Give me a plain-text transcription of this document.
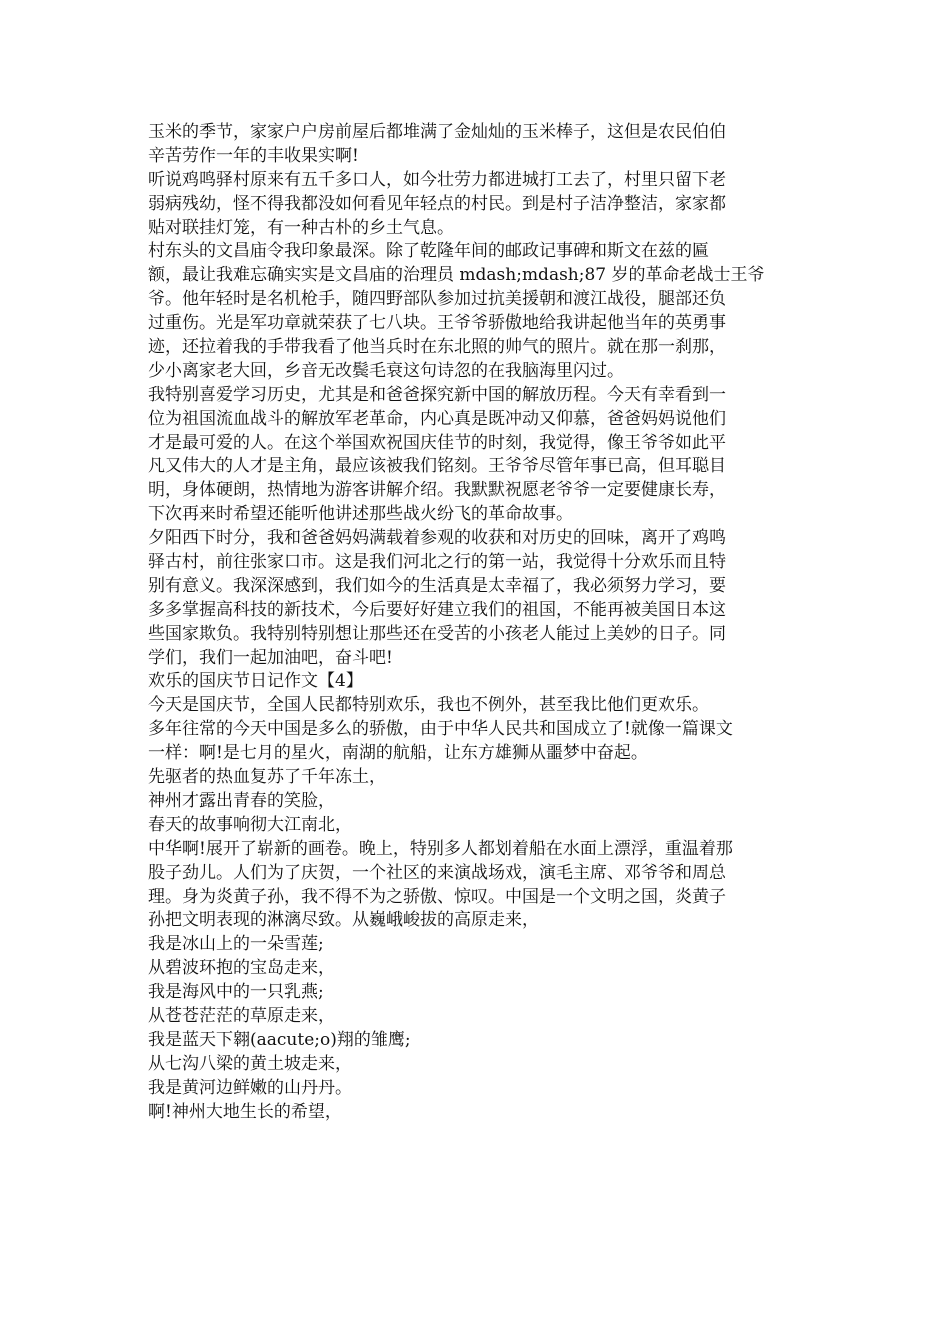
玉米的季节，家家户户房前屋后都堆满了金灿灿的玉米棒子，这但是农民伯伯
辛苦劳作一年的丰收果实啊!
听说鸡鸣驿村原来有五千多口人，如今壮劳力都进城打工去了，村里只留下老
弱病残幼，怪不得我都没如何看见年轻点的村民。到是村子洁净整洁，家家都
贴对联挂灯笼，有一种古朴的乡土气息。
村东头的文昌庙令我印象最深。除了乾隆年间的邮政记事碑和斯文在兹的匾
额，最让我难忘确实实是文昌庙的治理员 mdash;mdash;87 岁的革命老战士王爷
爷。他年轻时是名机枪手，随四野部队参加过抗美援朝和渡江战役，腿部还负
过重伤。光是军功章就荣获了七八块。王爷爷骄傲地给我讲起他当年的英勇事
迹，还拉着我的手带我看了他当兵时在东北照的帅气的照片。就在那一刹那，
少小离家老大回，乡音无改鬓毛衰这句诗忽的在我脑海里闪过。
我特别喜爱学习历史，尤其是和爸爸探究新中国的解放历程。今天有幸看到一
位为祖国流血战斗的解放军老革命，内心真是既冲动又仰慕，爸爸妈妈说他们
才是最可爱的人。在这个举国欢祝国庆佳节的时刻，我觉得，像王爷爷如此平
凡又伟大的人才是主角，最应该被我们铭刻。王爷爷尽管年事已高，但耳聪目
明，身体硬朗，热情地为游客讲解介绍。我默默祝愿老爷爷一定要健康长寿，
下次再来时希望还能听他讲述那些战火纷飞的革命故事。
夕阳西下时分，我和爸爸妈妈满载着参观的收获和对历史的回味，离开了鸡鸣
驿古村，前往张家口市。这是我们河北之行的第一站，我觉得十分欢乐而且特
别有意义。我深深感到，我们如今的生活真是太幸福了，我必须努力学习，要
多多掌握高科技的新技术，今后要好好建立我们的祖国，不能再被美国日本这
些国家欺负。我特别特别想让那些还在受苦的小孩老人能过上美妙的日子。同
学们，我们一起加油吧，奋斗吧!
欢乐的国庆节日记作文【4】
今天是国庆节，全国人民都特别欢乐，我也不例外，甚至我比他们更欢乐。
多年往常的今天中国是多么的骄傲，由于中华人民共和国成立了!就像一篇课文
一样：啊!是七月的星火，南湖的航船，让东方雄狮从噩梦中奋起。
先驱者的热血复苏了千年冻土，
神州才露出青春的笑脸，
春天的故事响彻大江南北，
中华啊!展开了崭新的画卷。晚上，特别多人都划着船在水面上漂浮，重温着那
股子劲儿。人们为了庆贺，一个社区的来演战场戏，演毛主席、邓爷爷和周总
理。身为炎黄子孙，我不得不为之骄傲、惊叹。中国是一个文明之国，炎黄子
孙把文明表现的淋漓尽致。从巍峨峻拔的高原走来，
我是冰山上的一朵雪莲;
从碧波环抱的宝岛走来，
我是海风中的一只乳燕;
从苍苍茫茫的草原走来，
我是蓝天下翱(aacute;o)翔的雏鹰;
从七沟八梁的黄土坡走来，
我是黄河边鲜嫩的山丹丹。
啊!神州大地生长的希望，
